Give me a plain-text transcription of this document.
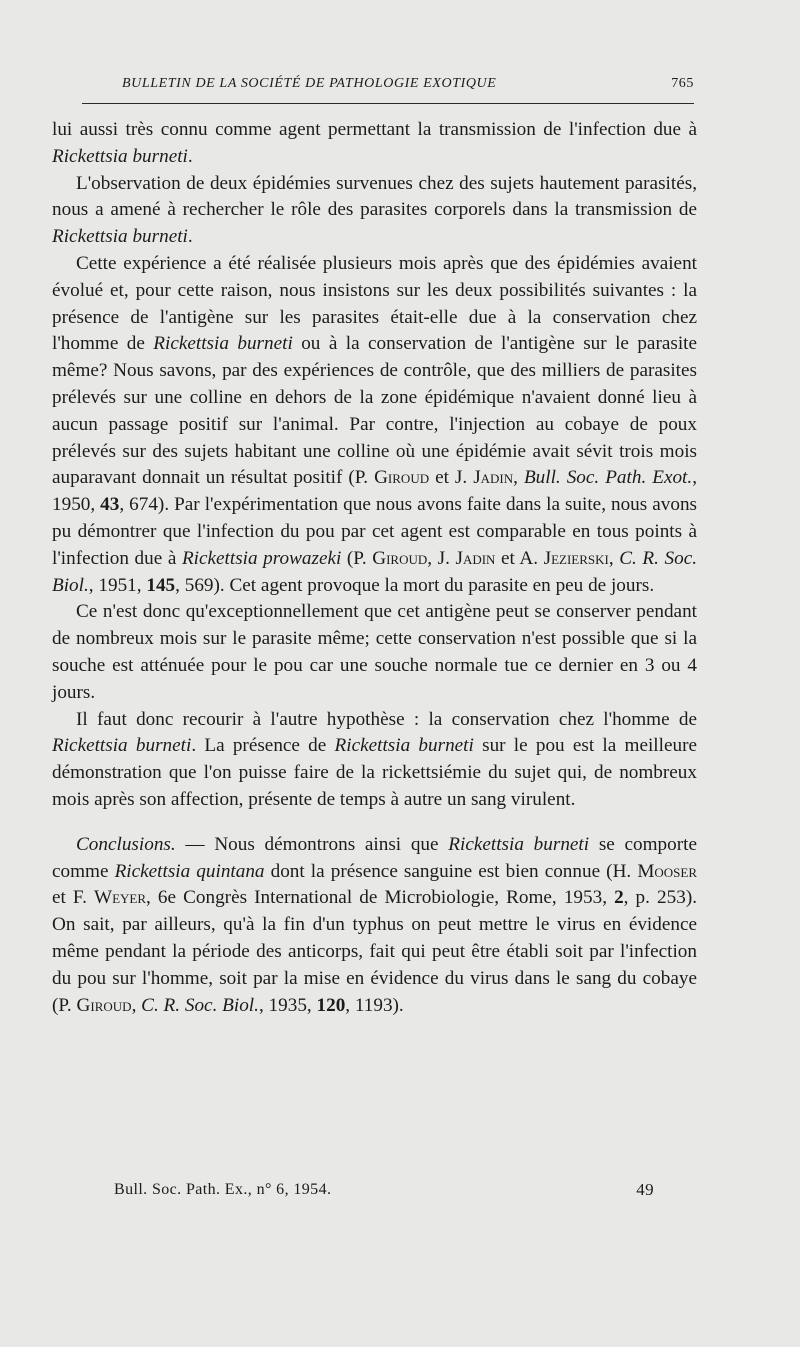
BULLETIN DE LA SOCIÉTÉ DE PATHOLOGIE EXOTIQUE	765

lui aussi très connu comme agent permettant la transmission de l'infection due à Rickettsia burneti.

L'observation de deux épidémies survenues chez des sujets hautement parasités, nous a amené à rechercher le rôle des parasites corporels dans la transmission de Rickettsia burneti.

Cette expérience a été réalisée plusieurs mois après que des épidémies avaient évolué et, pour cette raison, nous insistons sur les deux possibilités suivantes : la présence de l'antigène sur les parasites était-elle due à la conservation chez l'homme de Rickettsia burneti ou à la conservation de l'antigène sur le parasite même? Nous savons, par des expériences de contrôle, que des milliers de parasites prélevés sur une colline en dehors de la zone épidémique n'avaient donné lieu à aucun passage positif sur l'animal. Par contre, l'injection au cobaye de poux prélevés sur des sujets habitant une colline où une épidémie avait sévit trois mois auparavant donnait un résultat positif (P. Giroud et J. Jadin, Bull. Soc. Path. Exot., 1950, 43, 674). Par l'expérimentation que nous avons faite dans la suite, nous avons pu démontrer que l'infection du pou par cet agent est comparable en tous points à l'infection due à Rickettsia prowazeki (P. Giroud, J. Jadin et A. Jezierski, C. R. Soc. Biol., 1951, 145, 569). Cet agent provoque la mort du parasite en peu de jours.

Ce n'est donc qu'exceptionnellement que cet antigène peut se conserver pendant de nombreux mois sur le parasite même; cette conservation n'est possible que si la souche est atténuée pour le pou car une souche normale tue ce dernier en 3 ou 4 jours.

Il faut donc recourir à l'autre hypothèse : la conservation chez l'homme de Rickettsia burneti. La présence de Rickettsia burneti sur le pou est la meilleure démonstration que l'on puisse faire de la rickettsiémie du sujet qui, de nombreux mois après son affection, présente de temps à autre un sang virulent.

Conclusions. — Nous démontrons ainsi que Rickettsia burneti se comporte comme Rickettsia quintana dont la présence sanguine est bien connue (H. Mooser et F. Weyer, 6e Congrès International de Microbiologie, Rome, 1953, 2, p. 253). On sait, par ailleurs, qu'à la fin d'un typhus on peut mettre le virus en évidence même pendant la période des anticorps, fait qui peut être établi soit par l'infection du pou sur l'homme, soit par la mise en évidence du virus dans le sang du cobaye (P. Giroud, C. R. Soc. Biol., 1935, 120, 1193).

Bull. Soc. Path. Ex., n° 6, 1954.	49
